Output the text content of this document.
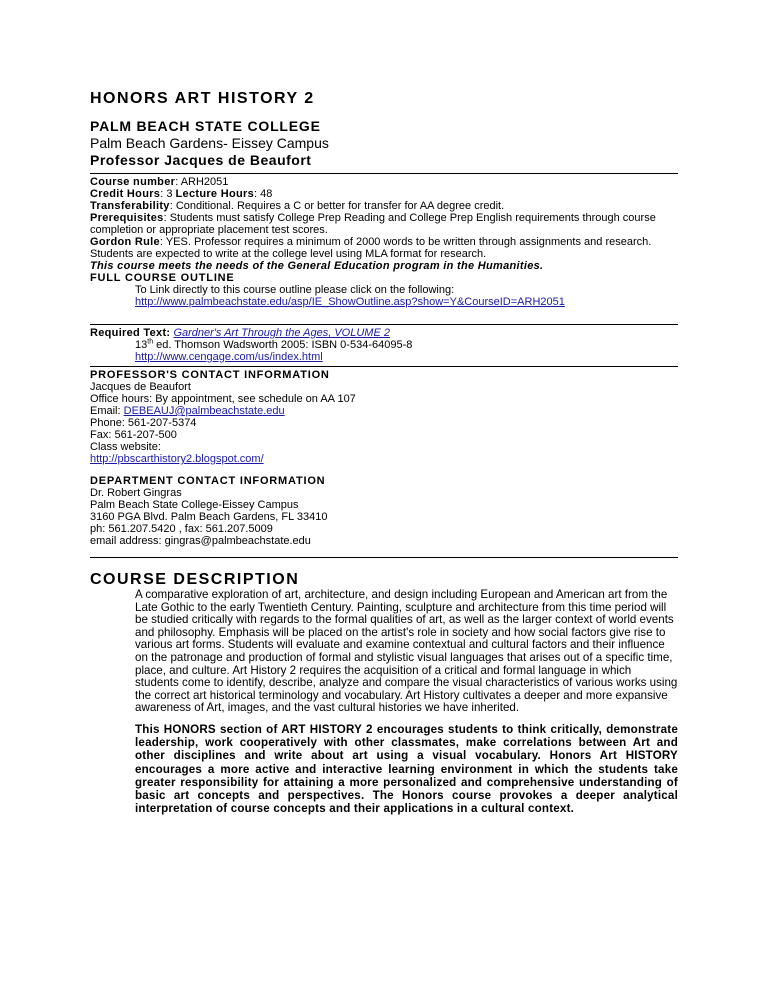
HONORS ART HISTORY 2
PALM BEACH STATE COLLEGE
Palm Beach Gardens- Eissey Campus
Professor Jacques de Beaufort
Course number: ARH2051
Credit Hours: 3 Lecture Hours: 48
Transferability: Conditional. Requires a C or better for transfer for AA degree credit.
Prerequisites: Students must satisfy College Prep Reading and College Prep English requirements through course completion or appropriate placement test scores.
Gordon Rule: YES. Professor requires a minimum of 2000 words to be written through assignments and research. Students are expected to write at the college level using MLA format for research.
This course meets the needs of the General Education program in the Humanities.
FULL COURSE OUTLINE
To Link directly to this course outline please click on the following:
http://www.palmbeachstate.edu/asp/IE_ShowOutline.asp?show=Y&CourseID=ARH2051
Required Text: Gardner's Art Through the Ages, VOLUME 2
13th ed. Thomson Wadsworth 2005: ISBN 0-534-64095-8
http://www.cengage.com/us/index.html
PROFESSOR'S CONTACT INFORMATION
Jacques de Beaufort
Office hours: By appointment, see schedule on AA 107
Email: DEBEAUJ@palmbeachstate.edu
Phone: 561-207-5374
Fax: 561-207-500
Class website:
http://pbscarthistory2.blogspot.com/
DEPARTMENT CONTACT INFORMATION
Dr. Robert Gingras
Palm Beach State College-Eissey Campus
3160 PGA Blvd. Palm Beach Gardens, FL 33410
ph: 561.207.5420 , fax: 561.207.5009
email address: gingras@palmbeachstate.edu
COURSE DESCRIPTION
A comparative exploration of art, architecture, and design including European and American art from the Late Gothic to the early Twentieth Century. Painting, sculpture and architecture from this time period will be studied critically with regards to the formal qualities of art, as well as the larger context of world events and philosophy. Emphasis will be placed on the artist's role in society and how social factors give rise to various art forms. Students will evaluate and examine contextual and cultural factors and their influence on the patronage and production of formal and stylistic visual languages that arises out of a specific time, place, and culture. Art History 2 requires the acquisition of a critical and formal language in which students come to identify, describe, analyze and compare the visual characteristics of various works using the correct art historical terminology and vocabulary. Art History cultivates a deeper and more expansive awareness of Art, images, and the vast cultural histories we have inherited.
This HONORS section of ART HISTORY 2 encourages students to think critically, demonstrate leadership, work cooperatively with other classmates, make correlations between Art and other disciplines and write about art using a visual vocabulary. Honors Art HISTORY encourages a more active and interactive learning environment in which the students take greater responsibility for attaining a more personalized and comprehensive understanding of basic art concepts and perspectives. The Honors course provokes a deeper analytical interpretation of course concepts and their applications in a cultural context.
